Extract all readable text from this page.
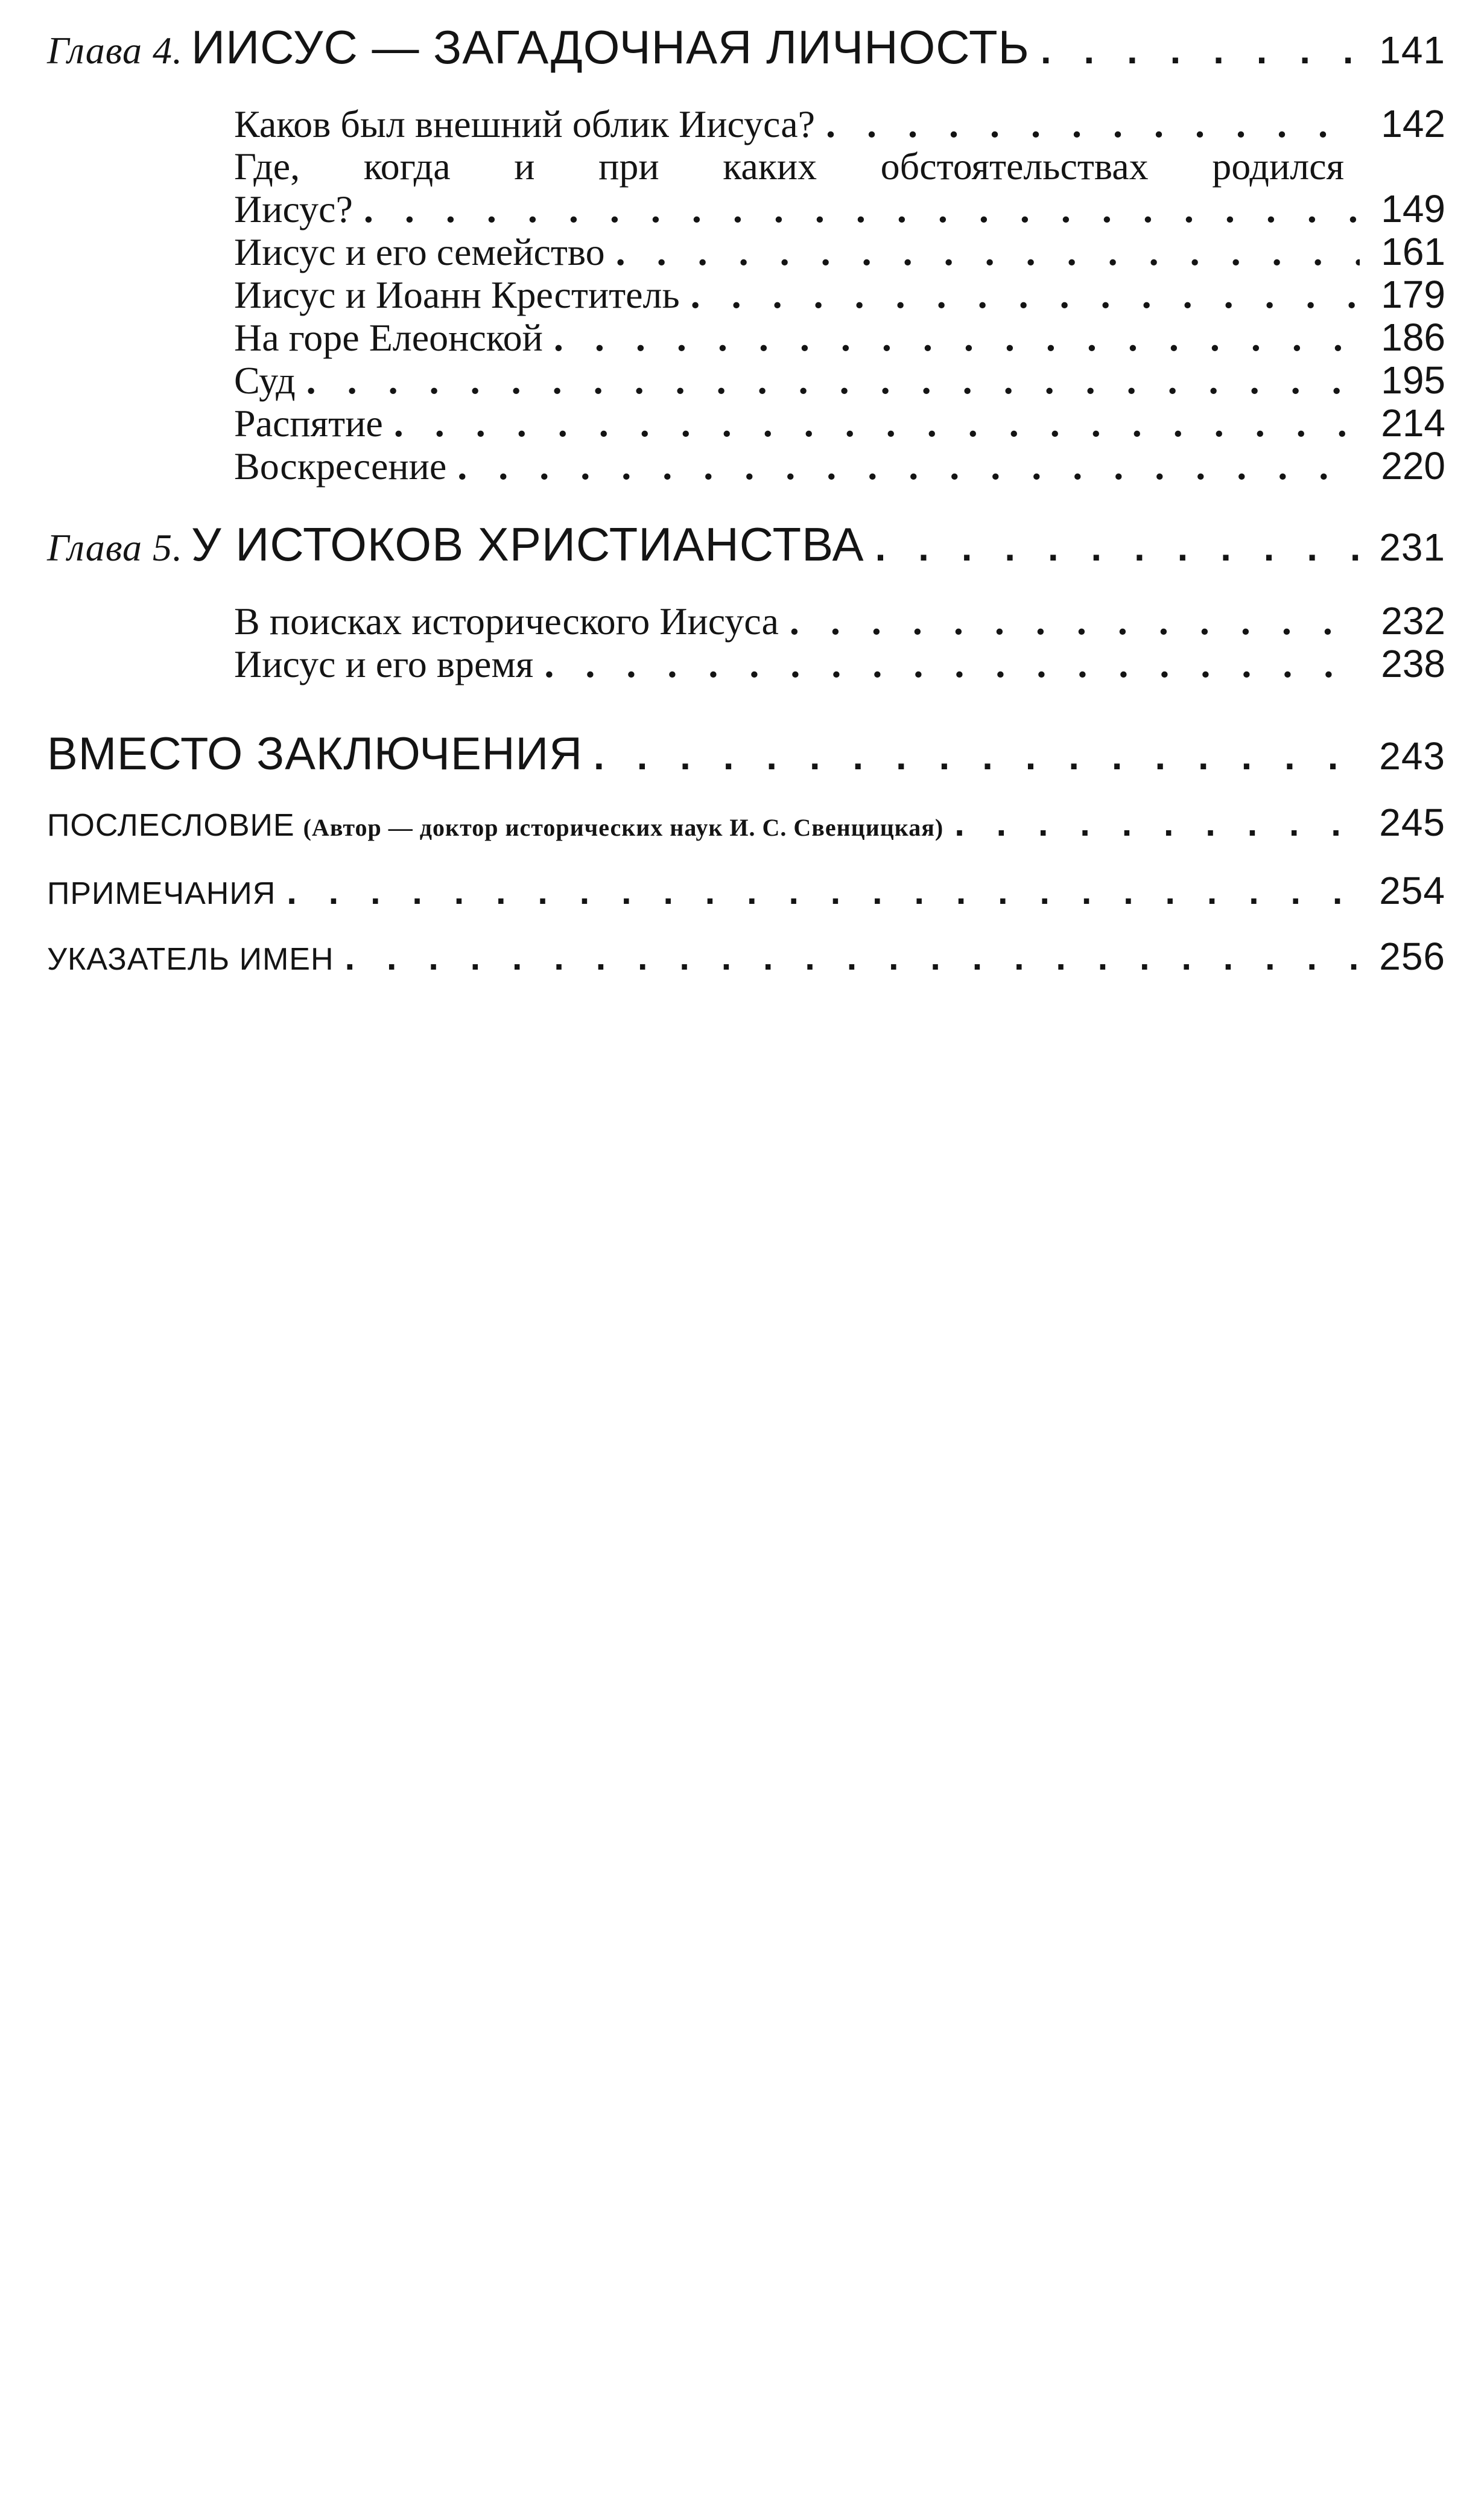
Глава 4. ИИСУС — ЗАГАДОЧНАЯ ЛИЧНОСТЬ . . .	141
Каков был внешний облик Иисуса? . . .	142
Где, когда и при каких обстоятельствах родился
Иисус? . . .	149
Иисус и его семейство . . .	161
Иисус и Иоанн Креститель . . .	179
На горе Елеонской . . .	186
Суд . . .	195
Распятие . . .	214
Воскресение . . .	220
Глава 5. У ИСТОКОВ ХРИСТИАНСТВА . . .	231
В поисках исторического Иисуса . . .	232
Иисус и его время . . .	238
ВМЕСТО ЗАКЛЮЧЕНИЯ . . .	243
ПОСЛЕСЛОВИЕ (Автор — доктор исторических наук И. С. Свенцицкая) . . .	245
ПРИМЕЧАНИЯ . . .	254
УКАЗАТЕЛЬ ИМЕН . . .	256
